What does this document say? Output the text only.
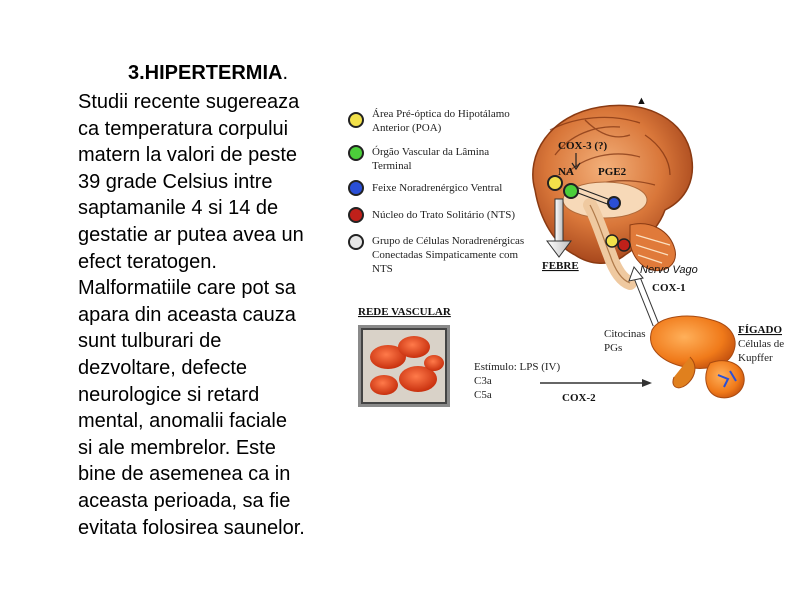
3.HIPERTERMIA.
Studii recente sugereaza
ca temperatura corpului
matern la valori de peste
39 grade Celsius intre
saptamanile 4 si 14 de
gestatie ar putea avea un
efect teratogen.
Malformatiile care pot sa
apara din aceasta cauza
sunt tulburari de
dezvoltare, defecte
neurologice si retard
mental, anomalii faciale
si ale membrelor. Este
bine de asemenea ca in
aceasta perioada, sa fie
evitata folosirea saunelor.
Área Pré-óptica do Hipotálamo
Anterior (POA)
Órgão Vascular da Lâmina
Terminal
Feixe Noradrenérgico Ventral
Núcleo do Trato Solitário (NTS)
Grupo de Células Noradrenérgicas
Conectadas Simpaticamente com
NTS
▲
COX-3 (?)
NA PGE2
FEBRE	Nervo Vago
COX-1
REDE VASCULAR
Citocinas
PGs
FÍGADO
Células de
Kupffer
Estímulo: LPS (IV)
C3a
C5a	COX-2
